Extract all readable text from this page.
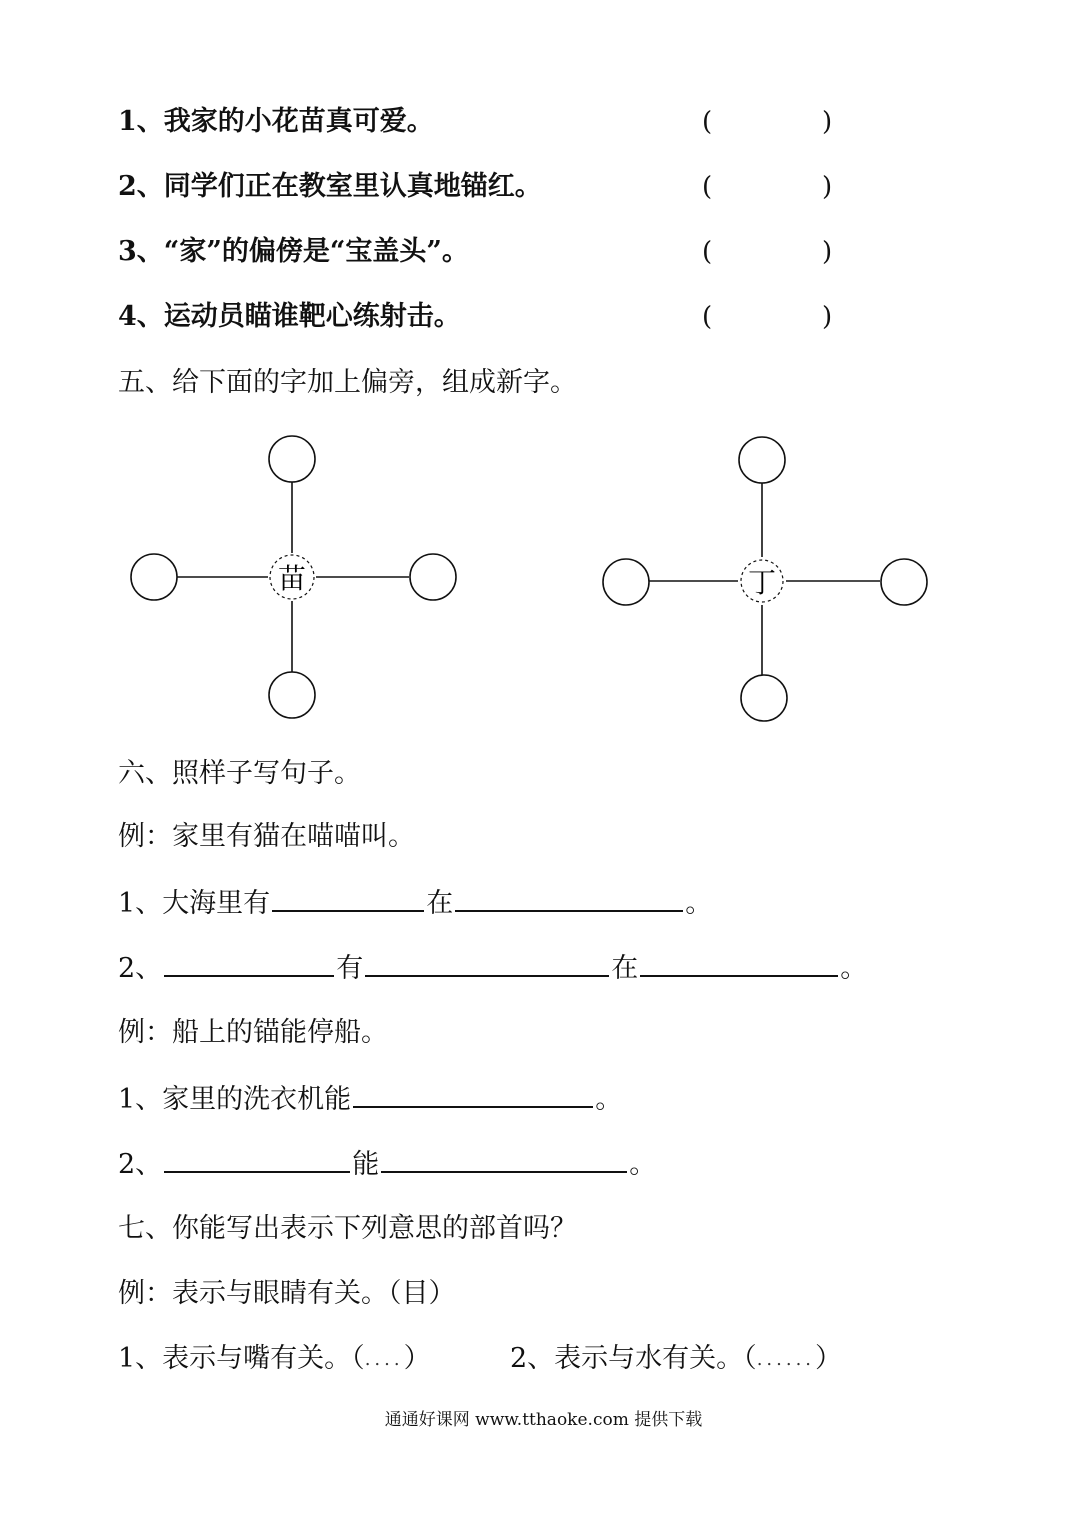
1、我家的小花苗真可爱。	(	)
2、同学们正在教室里认真地锚红。	(	)
3、“家”的偏傍是“宝盖头”。	(	)
4、运动员瞄谁靶心练射击。	(	)
五、给下面的字加上偏旁，组成新字。
苗	丁
六、照样子写句子。
例：家里有猫在喵喵叫。
1、大海里有	在	。
2、	有	在	。
例：船上的锚能停船。
1、家里的洗衣机能	。
2、	能	。
七、你能写出表示下列意思的部首吗？
例：表示与眼睛有关。（目）
1、表示与嘴有关。（....）	2、表示与水有关。（......）
通通好课网 www.tthaoke.com 提供下载
